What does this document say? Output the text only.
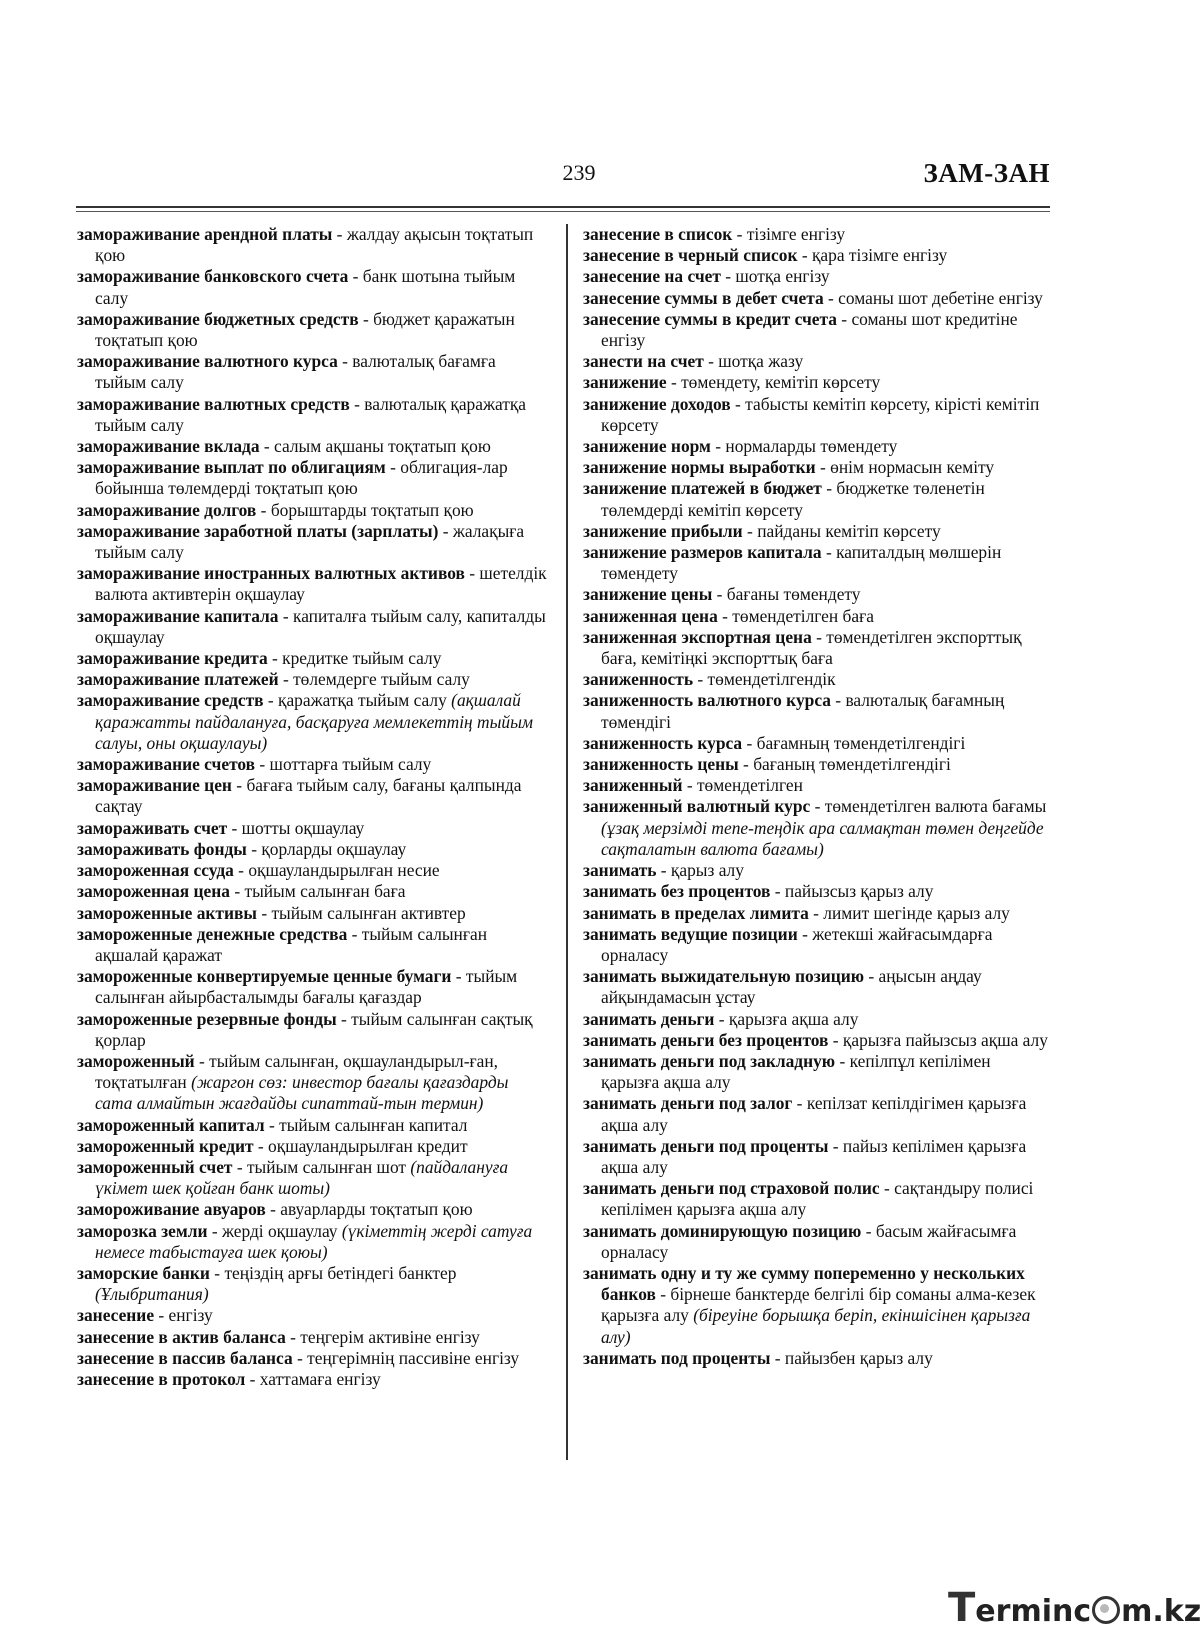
239	ЗАМ-ЗАН

замораживание арендной платы - жалдау ақысын тоқтатып қою

замораживание банковского счета - банк шотына тыйым салу

замораживание бюджетных средств - бюджет қаражатын тоқтатып қою

замораживание валютного курса - валюталық бағамға тыйым салу

замораживание валютных средств - валюталық қаражатқа тыйым салу

замораживание вклада - салым ақшаны тоқтатып қою

замораживание выплат по облигациям - облигация-лар бойынша төлемдерді тоқтатып қою

замораживание долгов - борыштарды тоқтатып қою

замораживание заработной платы (зарплаты) - жалақыға тыйым салу

замораживание иностранных валютных активов - шетелдік валюта активтерін оқшаулау

замораживание капитала - капиталға тыйым салу, капиталды оқшаулау

замораживание кредита - кредитке тыйым салу

замораживание платежей - төлемдерге тыйым салу

замораживание средств - қаражатқа тыйым салу (ақшалай қаражатты пайдалануға, басқаруға мемлекеттің тыйым салуы, оны оқшаулауы)

замораживание счетов - шоттарға тыйым салу

замораживание цен - бағаға тыйым салу, бағаны қалпында сақтау

замораживать счет - шотты оқшаулау

замораживать фонды - қорларды оқшаулау

замороженная ссуда - оқшауландырылған несие

замороженная цена - тыйым салынған баға

замороженные активы - тыйым салынған активтер

замороженные денежные средства - тыйым салынған ақшалай қаражат

замороженные конвертируемые ценные бумаги - тыйым салынған айырбасталымды бағалы қағаздар

замороженные резервные фонды - тыйым салынған сақтық қорлар

замороженный - тыйым салынған, оқшауландырыл-ған, тоқтатылған (жаргон сөз: инвестор бағалы қағаздарды сата алмайтын жағдайды сипаттай-тын термин)

замороженный капитал - тыйым салынған капитал

замороженный кредит - оқшауландырылған кредит

замороженный счет - тыйым салынған шот (пайдалануға үкімет шек қойған банк шоты)

замороживание авуаров - авуарларды тоқтатып қою

заморозка земли - жерді оқшаулау (үкіметтің жерді сатуға немесе табыстауға шек қоюы)

заморские банки - теңіздің арғы бетіндегі банктер (Ұлыбритания)

занесение - енгізу

занесение в актив баланса - теңгерім активіне енгізу

занесение в пассив баланса - теңгерімнің пассивіне енгізу

занесение в протокол - хаттамаға енгізу

занесение в список - тізімге енгізу

занесение в черный список - қара тізімге енгізу

занесение на счет - шотқа енгізу

занесение суммы в дебет счета - соманы шот дебетіне енгізу

занесение суммы в кредит счета - соманы шот кредитіне енгізу

занести на счет - шотқа жазу

занижение - төмендету, кемітіп көрсету

занижение доходов - табысты кемітіп көрсету, кірісті кемітіп көрсету

занижение норм - нормаларды төмендету

занижение нормы выработки - өнім нормасын кеміту

занижение платежей в бюджет - бюджетке төленетін төлемдерді кемітіп көрсету

занижение прибыли - пайданы кемітіп көрсету

занижение размеров капитала - капиталдың мөлшерін төмендету

занижение цены - бағаны төмендету

заниженная цена - төмендетілген баға

заниженная экспортная цена - төмендетілген экспорттық баға, кемітіңкі экспорттық баға

заниженность - төмендетілгендік

заниженность валютного курса - валюталық бағамның төмендігі

заниженность курса - бағамның төмендетілгендігі

заниженность цены - бағаның төмендетілгендігі

заниженный - төмендетілген

заниженный валютный курс - төмендетілген валюта бағамы (ұзақ мерзімді тепе-теңдік ара салмақтан төмен деңгейде сақталатын валюта бағамы)

занимать - қарыз алу

занимать без процентов - пайызсыз қарыз алу

занимать в пределах лимита - лимит шегінде қарыз алу

занимать ведущие позиции - жетекші жайғасымдарға орналасу

занимать выжидательную позицию - аңысын аңдау айқындамасын ұстау

занимать деньги - қарызға ақша алу

занимать деньги без процентов - қарызға пайызсыз ақша алу

занимать деньги под закладную - кепілпұл кепілімен қарызға ақша алу

занимать деньги под залог - кепілзат кепілдігімен қарызға ақша алу

занимать деньги под проценты - пайыз кепілімен қарызға ақша алу

занимать деньги под страховой полис - сақтандыру полисі кепілімен қарызға ақша алу

занимать доминирующую позицию - басым жайғасымға орналасу

занимать одну и ту же сумму попеременно у нескольких банков - бірнеше банктерде белгілі бір соманы алма-кезек қарызға алу (біреуіне борышқа беріп, екіншісінен қарызға алу)

занимать под проценты - пайызбен қарыз алу

Terminc m.kz
